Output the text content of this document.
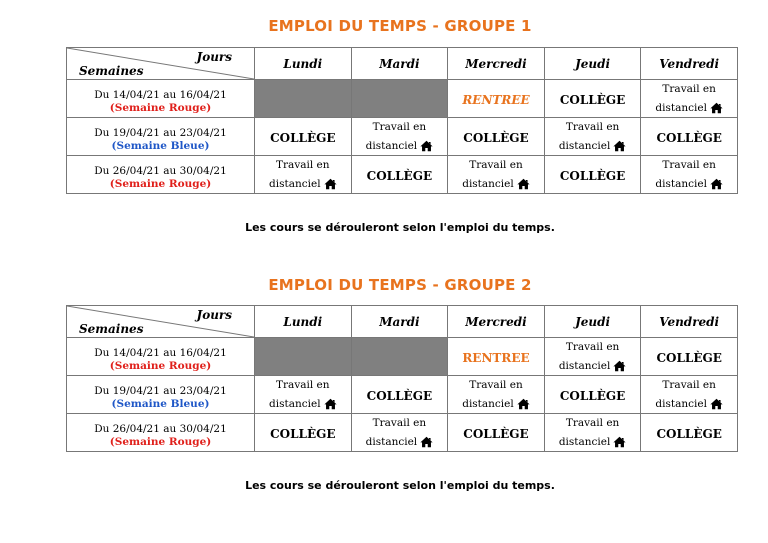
EMPLOI DU TEMPS - GROUPE 1
Jours
Semaines	Lundi	Mardi	Mercredi	Jeudi	Vendredi
Du 14/04/21 au 16/04/21
(Semaine Rouge)			RENTREE	COLLÈGE	Travail en
distanciel

Du 19/04/21 au 23/04/21
(Semaine Bleue)	COLLÈGE	Travail en
distanciel	COLLÈGE	Travail en
distanciel	COLLÈGE
Du 26/04/21 au 30/04/21
(Semaine Rouge)	Travail en
distanciel	COLLÈGE	Travail en
distanciel	COLLÈGE	Travail en
distanciel
Les cours se dérouleront selon l'emploi du temps.
EMPLOI DU TEMPS - GROUPE 2
Jours
Semaines	Lundi	Mardi	Mercredi	Jeudi	Vendredi
Du 14/04/21 au 16/04/21
(Semaine Rouge)			RENTREE	Travail en
distanciel	COLLÈGE
Du 19/04/21 au 23/04/21
(Semaine Bleue)	Travail en
distanciel	COLLÈGE	Travail en
distanciel	COLLÈGE	Travail en
distanciel

Du 26/04/21 au 30/04/21
(Semaine Rouge)	COLLÈGE	Travail en
distanciel	COLLÈGE	Travail en
distanciel	COLLÈGE
Les cours se dérouleront selon l'emploi du temps.
